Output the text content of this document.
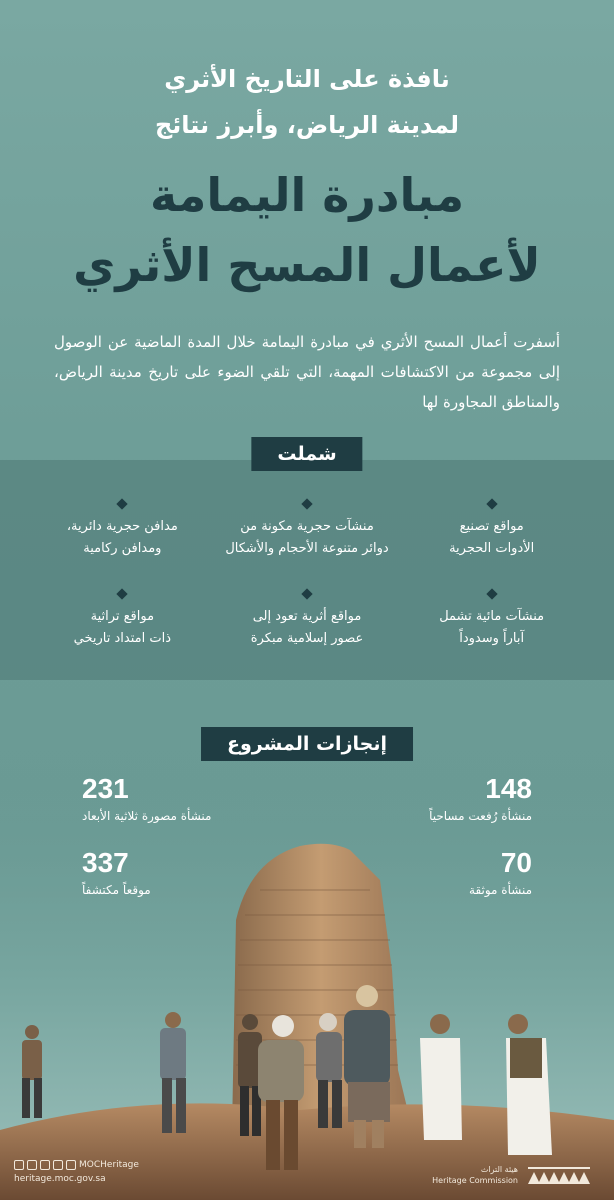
نافذة على التاريخ الأثري
لمدينة الرياض، وأبرز نتائج
مبادرة اليمامة
لأعمال المسح الأثري

أسفرت أعمال المسح الأثري في مبادرة اليمامة خلال المدة الماضية عن الوصول إلى مجموعة من الاكتشافات المهمة، التي تلقي الضوء على تاريخ مدينة الرياض، والمناطق المجاورة لها

شملت
مواقع تصنيع
الأدوات الحجرية
منشآت حجرية مكونة من
دوائر متنوعة الأحجام والأشكال
مدافن حجرية دائرية،
ومدافن ركامية
منشآت مائية تشمل
آباراً وسدوداً
مواقع أثرية تعود إلى
عصور إسلامية مبكرة
مواقع تراثية
ذات امتداد تاريخي
إنجازات المشروع
148
منشأة رُفعت مساحياً
231
منشأة مصورة ثلاثية الأبعاد
70
منشأة موثقة
337
موقعاً مكتشفاً
MOCHeritage
heritage.moc.gov.sa
هيئة التراث
Heritage Commission
